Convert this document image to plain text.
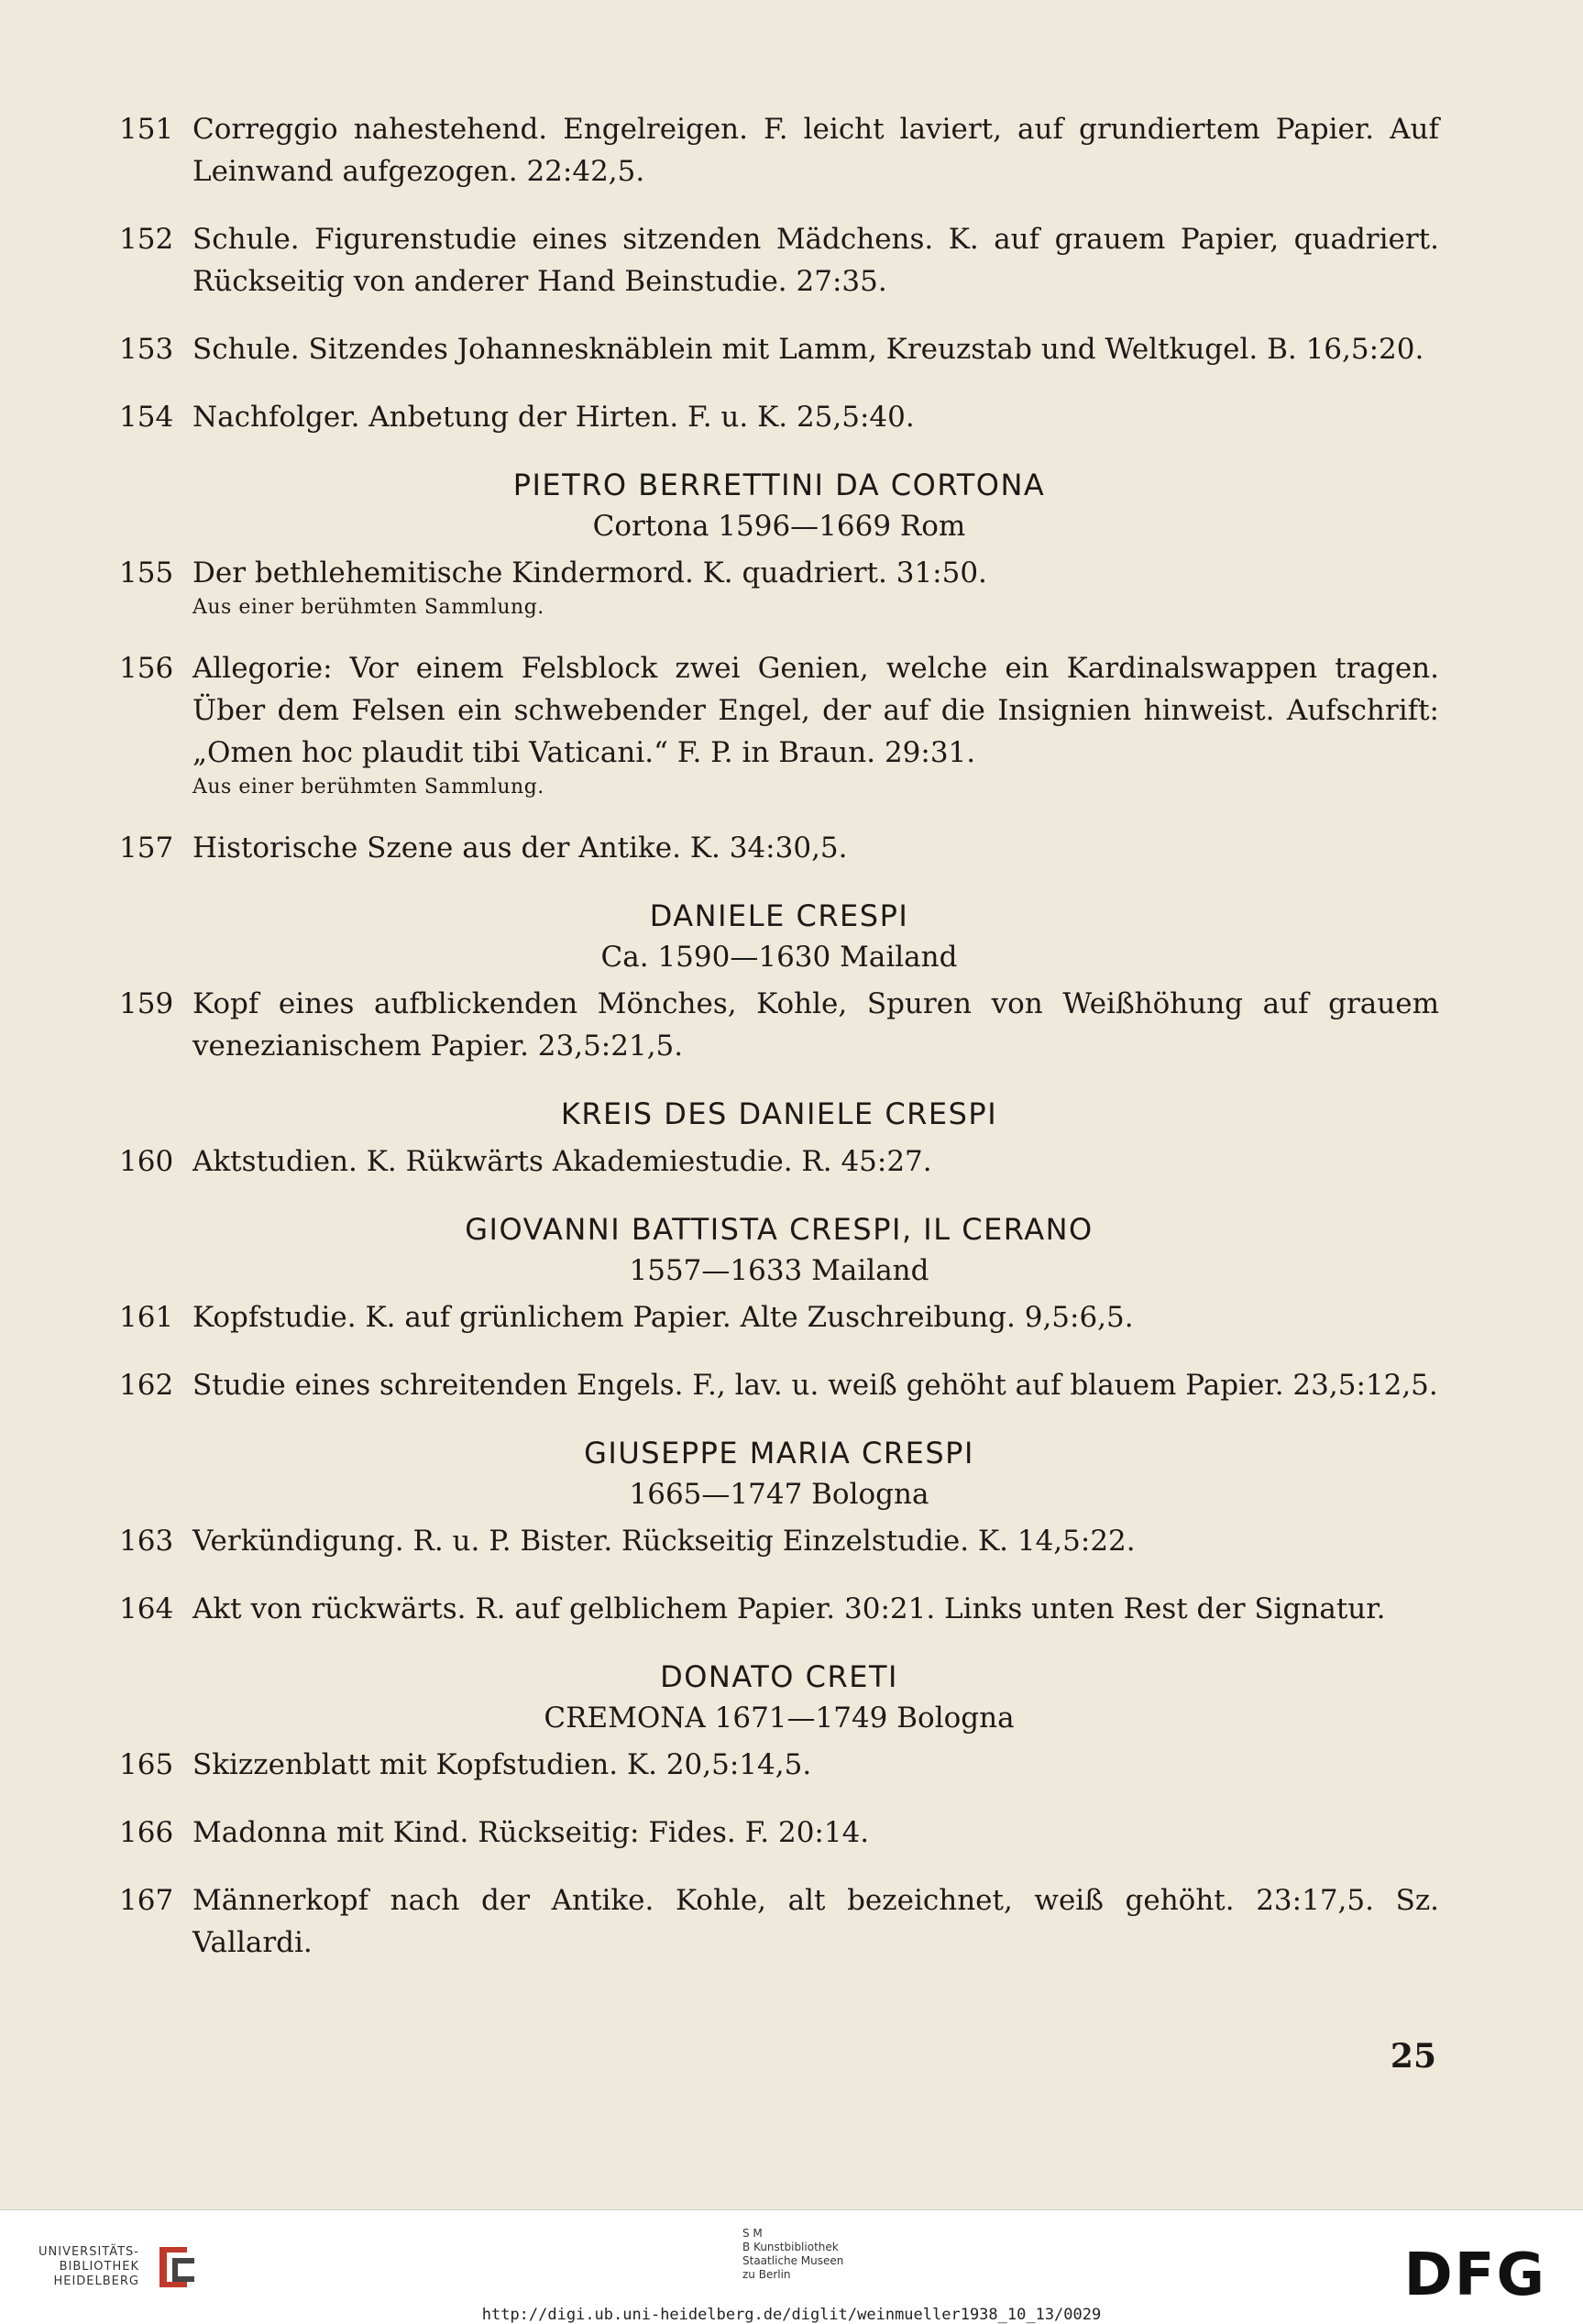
151 Correggio nahestehend. Engelreigen. F. leicht laviert, auf grundiertem Papier. Auf Leinwand aufgezogen. 22:42,5.
152 Schule. Figurenstudie eines sitzenden Mädchens. K. auf grauem Papier, quadriert. Rückseitig von anderer Hand Beinstudie. 27:35.
153 Schule. Sitzendes Johannesknäblein mit Lamm, Kreuzstab und Weltkugel. B. 16,5:20.
154 Nachfolger. Anbetung der Hirten. F. u. K. 25,5:40.
PIETRO BERRETTINI DA CORTONA
Cortona 1596—1669 Rom
155 Der bethlehemitische Kindermord. K. quadriert. 31:50.
Aus einer berühmten Sammlung.
156 Allegorie: Vor einem Felsblock zwei Genien, welche ein Kardinalswappen tragen. Über dem Felsen ein schwebender Engel, der auf die Insignien hinweist. Aufschrift: „Omen hoc plaudit tibi Vaticani.“ F. P. in Braun. 29:31.
Aus einer berühmten Sammlung.
157 Historische Szene aus der Antike. K. 34:30,5.
DANIELE CRESPI
Ca. 1590—1630 Mailand
159 Kopf eines aufblickenden Mönches, Kohle, Spuren von Weißhöhung auf grauem venezianischem Papier. 23,5:21,5.
KREIS DES DANIELE CRESPI
160 Aktstudien. K. Rükwärts Akademiestudie. R. 45:27.
GIOVANNI BATTISTA CRESPI, IL CERANO
1557—1633 Mailand
161 Kopfstudie. K. auf grünlichem Papier. Alte Zuschreibung. 9,5:6,5.
162 Studie eines schreitenden Engels. F., lav. u. weiß gehöht auf blauem Papier. 23,5:12,5.
GIUSEPPE MARIA CRESPI
1665—1747 Bologna
163 Verkündigung. R. u. P. Bister. Rückseitig Einzelstudie. K. 14,5:22.
164 Akt von rückwärts. R. auf gelblichem Papier. 30:21. Links unten Rest der Signatur.
DONATO CRETI
CREMONA 1671—1749 Bologna
165 Skizzenblatt mit Kopfstudien. K. 20,5:14,5.
166 Madonna mit Kind. Rückseitig: Fides. F. 20:14.
167 Männerkopf nach der Antike. Kohle, alt bezeichnet, weiß gehöht. 23:17,5. Sz. Vallardi.
25
UNIVERSITÄTS-
BIBLIOTHEK
HEIDELBERG
S M
B Kunstbibliothek
Staatliche Museen
zu Berlin	DFG
http://digi.ub.uni-heidelberg.de/diglit/weinmueller1938_10_13/0029
